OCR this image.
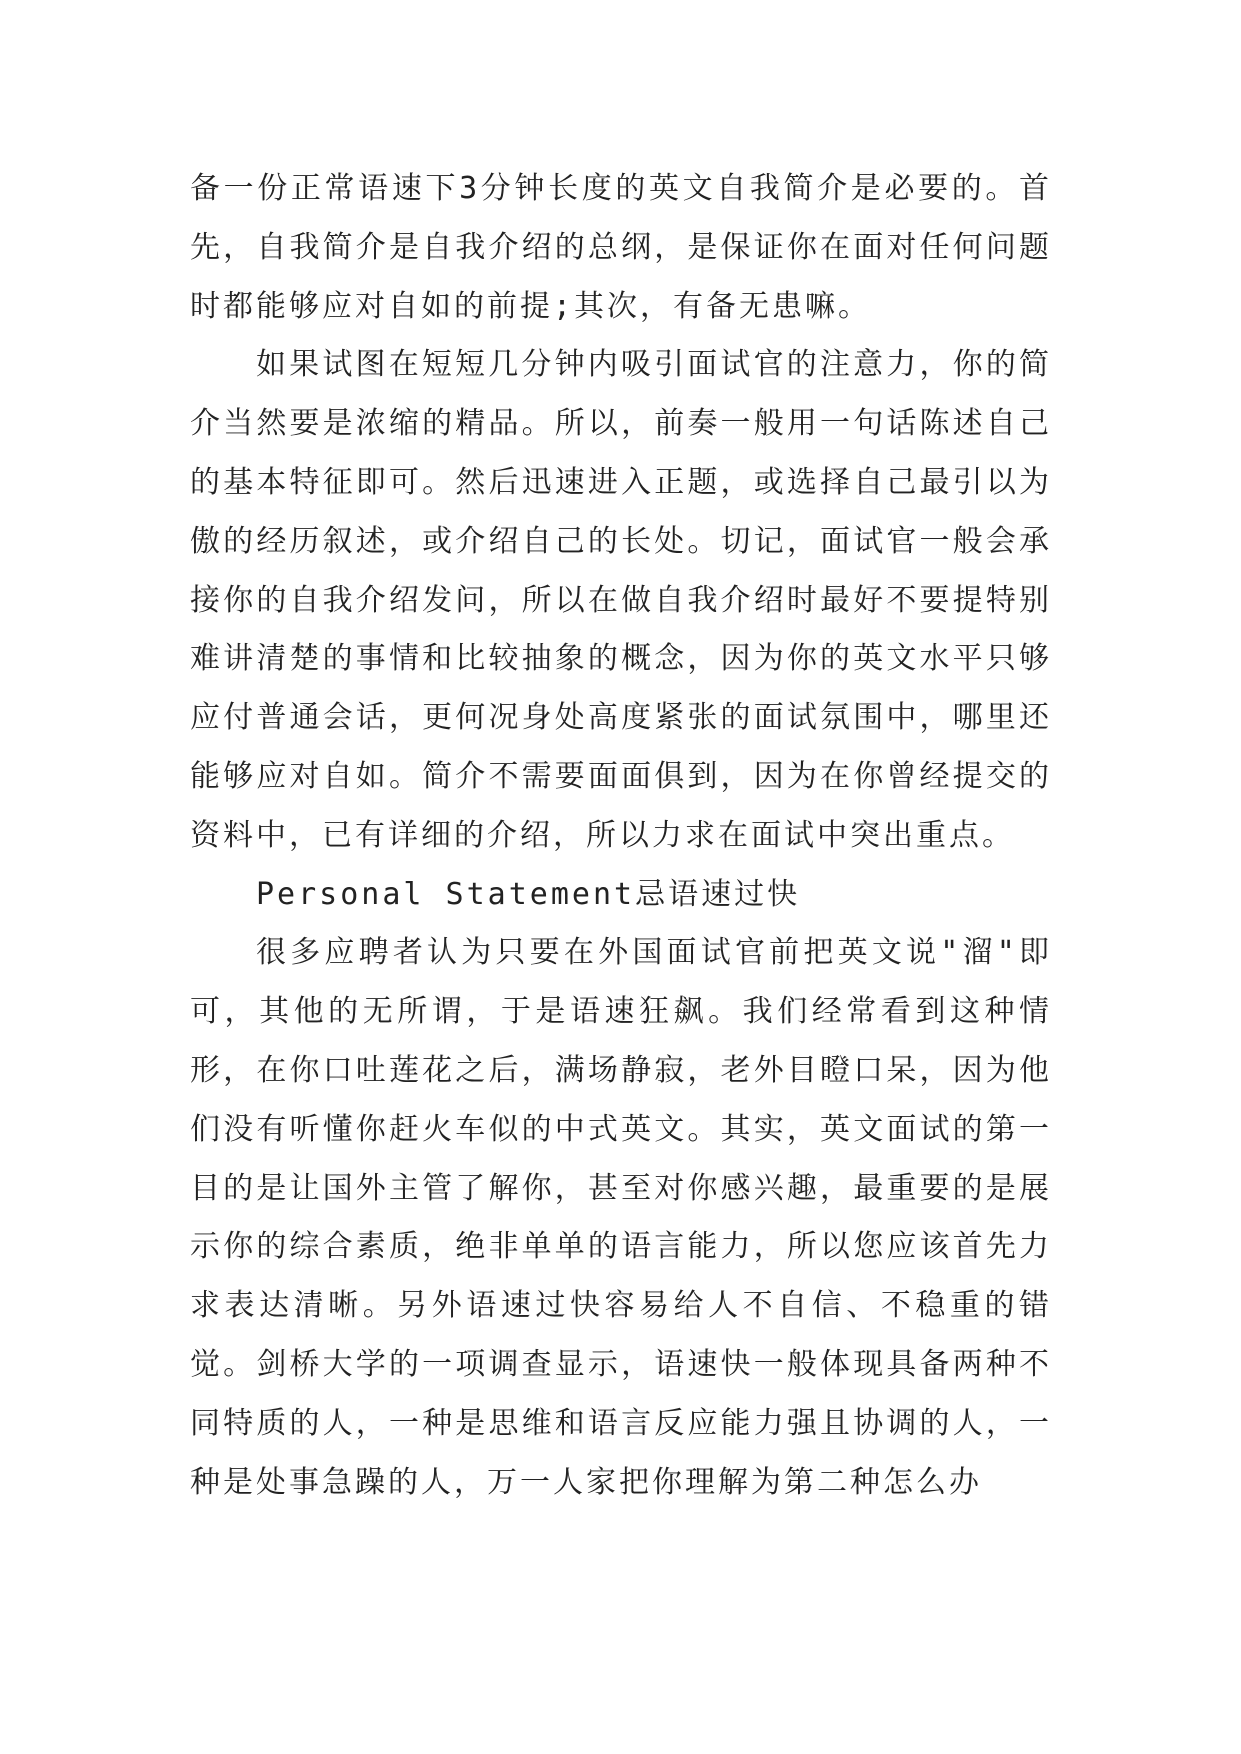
备一份正常语速下3分钟长度的英文自我简介是必要的。首先，自我简介是自我介绍的总纲，是保证你在面对任何问题时都能够应对自如的前提;其次，有备无患嘛。

如果试图在短短几分钟内吸引面试官的注意力，你的简介当然要是浓缩的精品。所以，前奏一般用一句话陈述自己的基本特征即可。然后迅速进入正题，或选择自己最引以为傲的经历叙述，或介绍自己的长处。切记，面试官一般会承接你的自我介绍发问，所以在做自我介绍时最好不要提特别难讲清楚的事情和比较抽象的概念，因为你的英文水平只够应付普通会话，更何况身处高度紧张的面试氛围中，哪里还能够应对自如。简介不需要面面俱到，因为在你曾经提交的资料中，已有详细的介绍，所以力求在面试中突出重点。

Personal Statement忌语速过快

很多应聘者认为只要在外国面试官前把英文说"溜"即可，其他的无所谓，于是语速狂飙。我们经常看到这种情形，在你口吐莲花之后，满场静寂，老外目瞪口呆，因为他们没有听懂你赶火车似的中式英文。其实，英文面试的第一目的是让国外主管了解你，甚至对你感兴趣，最重要的是展示你的综合素质，绝非单单的语言能力，所以您应该首先力求表达清晰。另外语速过快容易给人不自信、不稳重的错觉。剑桥大学的一项调查显示，语速快一般体现具备两种不同特质的人，一种是思维和语言反应能力强且协调的人，一种是处事急躁的人，万一人家把你理解为第二种怎么办
